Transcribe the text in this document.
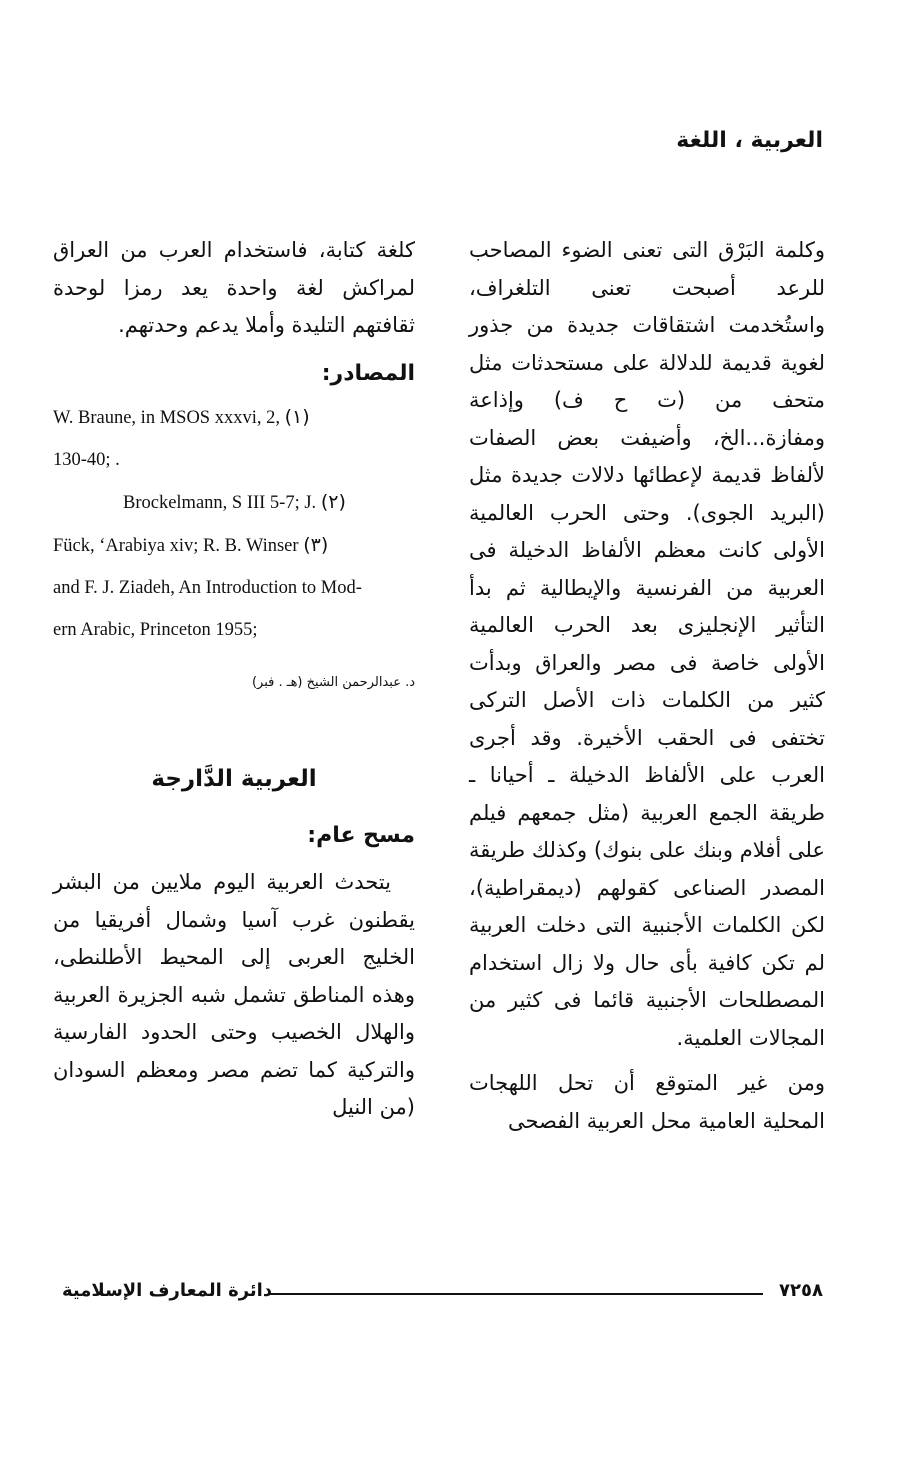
العربية ، اللغة

وكلمة البَرْق التى تعنى الضوء المصاحب للرعد أصبحت تعنى التلغراف، واستُخدمت اشتقاقات جديدة من جذور لغوية قديمة للدلالة على مستحدثات مثل متحف من (ت ح ف) وإذاعة ومفازة...الخ، وأضيفت بعض الصفات لألفاظ قديمة لإعطائها دلالات جديدة مثل (البريد الجوى). وحتى الحرب العالمية الأولى كانت معظم الألفاظ الدخيلة فى العربية من الفرنسية والإيطالية ثم بدأ التأثير الإنجليزى بعد الحرب العالمية الأولى خاصة فى مصر والعراق وبدأت كثير من الكلمات ذات الأصل التركى تختفى فى الحقب الأخيرة. وقد أجرى العرب على الألفاظ الدخيلة ـ أحيانا ـ طريقة الجمع العربية (مثل جمعهم فيلم على أفلام وبنك على بنوك) وكذلك طريقة المصدر الصناعى كقولهم (ديمقراطية)، لكن الكلمات الأجنبية التى دخلت العربية لم تكن كافية بأى حال ولا زال استخدام المصطلحات الأجنبية قائما فى كثير من المجالات العلمية.

ومن غير المتوقع أن تحل اللهجات المحلية العامية محل العربية الفصحى

كلغة كتابة، فاستخدام العرب من العراق لمراكش لغة واحدة يعد رمزا لوحدة ثقافتهم التليدة وأملا يدعم وحدتهم.

المصادر:
W. Braune, in MSOS xxxvi, 2, (١)
130-40; .
Brockelmann, S III 5-7; J. (٢)
Fück, ‘Arabiya xiv; R. B. Winser (٣)
and F. J. Ziadeh, An Introduction to Mod-
ern Arabic, Princeton 1955;
د. عبدالرحمن الشيخ (هـ . فبر)
العربية الدَّارجة
مسح عام:

يتحدث العربية اليوم ملايين من البشر يقطنون غرب آسيا وشمال أفريقيا من الخليج العربى إلى المحيط الأطلنطى، وهذه المناطق تشمل شبه الجزيرة العربية والهلال الخصيب وحتى الحدود الفارسية والتركية كما تضم مصر ومعظم السودان (من النيل

دائرة المعارف الإسلامية	٧٢٥٨
